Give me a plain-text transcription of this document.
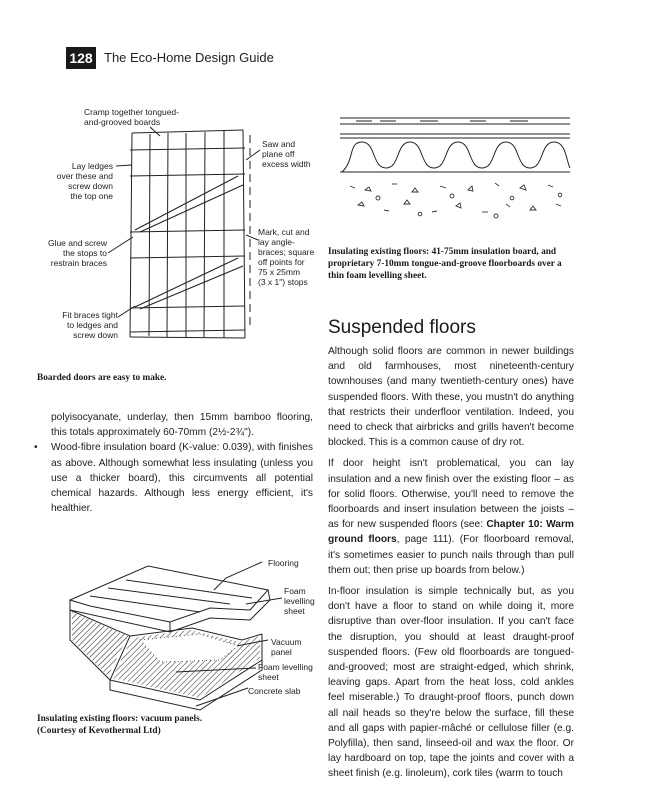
128 The Eco-Home Design Guide
Cramp together tongued-
and-grooved boards
Saw and
plane off
excess width
Lay ledges
over these and
screw down
the top one
Glue and screw
the stops to
restrain braces
Mark, cut and
lay angle-
braces; square
off points for
75 x 25mm
(3 x 1") stops
Fit braces tight
to ledges and
screw down
Boarded doors are easy to make.
Insulating existing floors: 41-75mm insulation board, and proprietary 7-10mm tongue-and-groove floorboards over a thin foam levelling sheet.
Suspended floors

Although solid floors are common in newer buildings and old farmhouses, most nineteenth-century townhouses (and many twentieth-century ones) have suspended floors. With these, you mustn't do anything that restricts their underfloor ventilation. Indeed, you need to check that airbricks and grills haven't become blocked. This is a common cause of dry rot.

If door height isn't problematical, you can lay insulation and a new finish over the existing floor – as for solid floors. Otherwise, you'll need to remove the floorboards and insert insulation between the joists – as for new suspended floors (see: Chapter 10: Warm ground floors, page 111). (For floorboard removal, it's sometimes easier to punch nails through than pull them out; then prise up boards from below.)

In-floor insulation is simple technically but, as you don't have a floor to stand on while doing it, more disruptive than over-floor insulation. If you can't face the disruption, you should at least draught-proof suspended floors. (Few old floorboards are tongued-and-grooved; most are straight-edged, which shrink, leaving gaps. Apart from the heat loss, cold ankles feel miserable.) To draught-proof floors, punch down all nail heads so they're below the surface, fill these and all gaps with papier-mâché or cellulose filler (e.g. Polyfilla), then sand, linseed-oil and wax the floor. Or lay hardboard on top, tape the joints and cover with a sheet finish (e.g. linoleum), cork tiles (warm to touch

polyisocyanate, underlay, then 15mm bamboo flooring, this totals approximately 60-70mm (2½-2¾").

• Wood-fibre insulation board (K-value: 0.039), with finishes as above. Although somewhat less insulating (unless you use a thicker board), this circumvents all potential chemical hazards. Although less energy efficient, it's healthier.
Flooring
Foam
levelling
sheet
Vacuum
panel
Foam levelling
sheet
Concrete slab
Insulating existing floors: vacuum panels.
(Courtesy of Kevothermal Ltd)
